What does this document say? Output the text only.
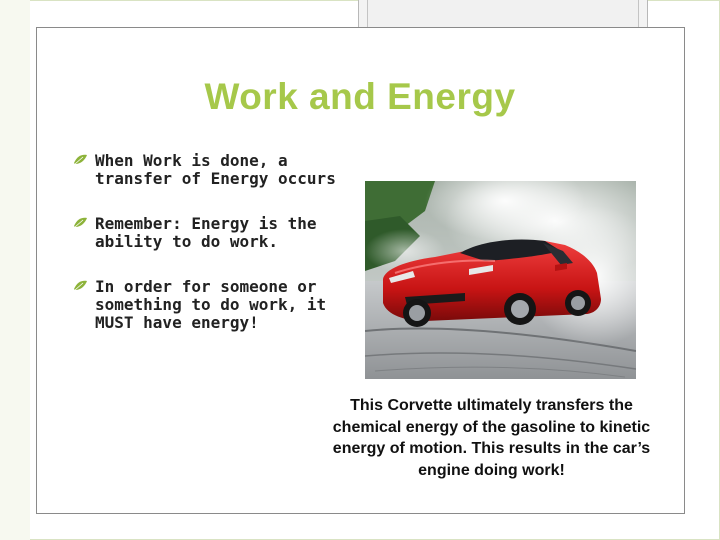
Work and Energy
When Work is done, a transfer of Energy occurs
Remember: Energy is the ability to do work.
In order for someone or something to do work, it MUST have energy!

This Corvette ultimately transfers the chemical energy of the gasoline to kinetic energy of motion. This results in the car’s engine doing work!
